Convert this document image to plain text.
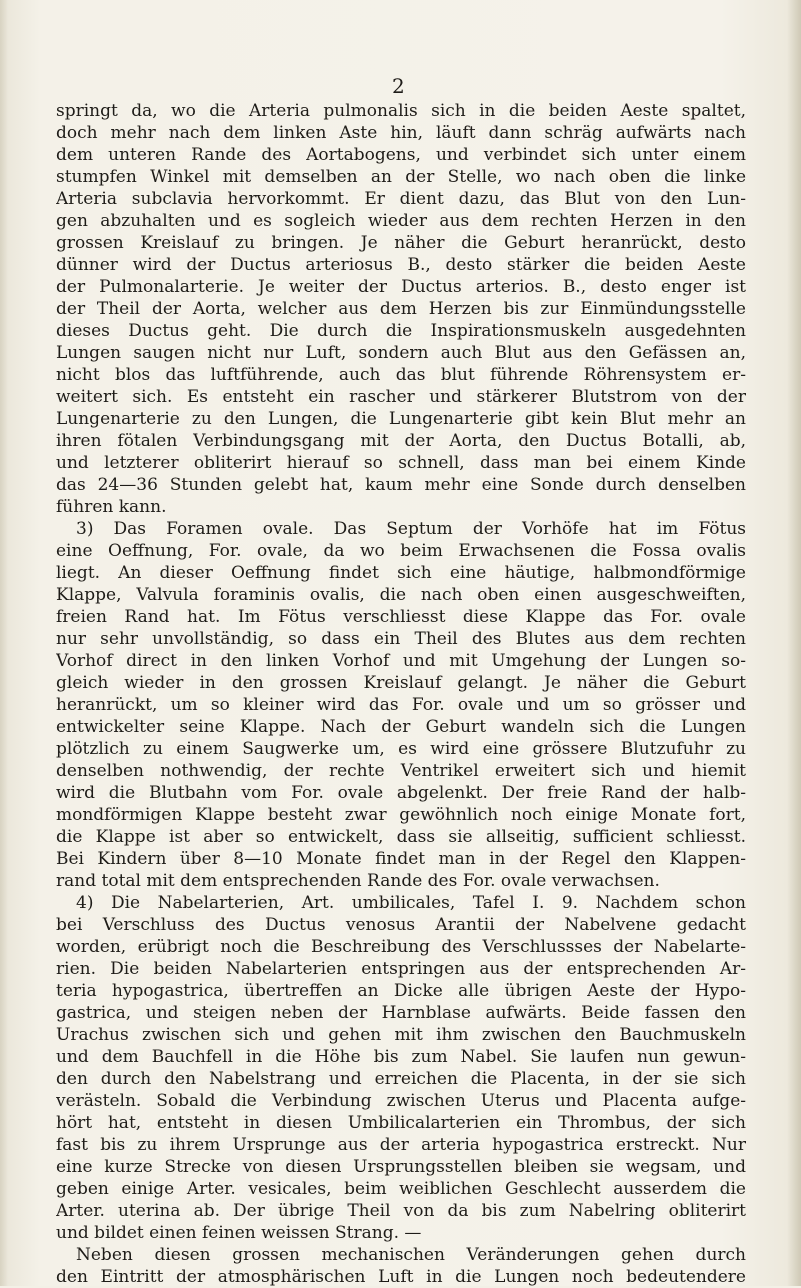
2
springt da, wo die Arteria pulmonalis sich in die beiden Aeste spaltet,
doch mehr nach dem linken Aste hin, läuft dann schräg aufwärts nach
dem unteren Rande des Aortabogens, und verbindet sich unter einem
stumpfen Winkel mit demselben an der Stelle, wo nach oben die linke
Arteria subclavia hervorkommt. Er dient dazu, das Blut von den Lun-
gen abzuhalten und es sogleich wieder aus dem rechten Herzen in den
grossen Kreislauf zu bringen. Je näher die Geburt heranrückt, desto
dünner wird der Ductus arteriosus B., desto stärker die beiden Aeste
der Pulmonalarterie. Je weiter der Ductus arterios. B., desto enger ist
der Theil der Aorta, welcher aus dem Herzen bis zur Einmündungsstelle
dieses Ductus geht. Die durch die Inspirationsmuskeln ausgedehnten
Lungen saugen nicht nur Luft, sondern auch Blut aus den Gefässen an,
nicht blos das luftführende, auch das blut führende Röhrensystem er-
weitert sich. Es entsteht ein rascher und stärkerer Blutstrom von der
Lungenarterie zu den Lungen, die Lungenarterie gibt kein Blut mehr an
ihren fötalen Verbindungsgang mit der Aorta, den Ductus Botalli, ab,
und letzterer obliterirt hierauf so schnell, dass man bei einem Kinde
das 24—36 Stunden gelebt hat, kaum mehr eine Sonde durch denselben
führen kann.
3) Das Foramen ovale. Das Septum der Vorhöfe hat im Fötus
eine Oeffnung, For. ovale, da wo beim Erwachsenen die Fossa ovalis
liegt. An dieser Oeffnung findet sich eine häutige, halbmondförmige
Klappe, Valvula foraminis ovalis, die nach oben einen ausgeschweiften,
freien Rand hat. Im Fötus verschliesst diese Klappe das For. ovale
nur sehr unvollständig, so dass ein Theil des Blutes aus dem rechten
Vorhof direct in den linken Vorhof und mit Umgehung der Lungen so-
gleich wieder in den grossen Kreislauf gelangt. Je näher die Geburt
heranrückt, um so kleiner wird das For. ovale und um so grösser und
entwickelter seine Klappe. Nach der Geburt wandeln sich die Lungen
plötzlich zu einem Saugwerke um, es wird eine grössere Blutzufuhr zu
denselben nothwendig, der rechte Ventrikel erweitert sich und hiemit
wird die Blutbahn vom For. ovale abgelenkt. Der freie Rand der halb-
mondförmigen Klappe besteht zwar gewöhnlich noch einige Monate fort,
die Klappe ist aber so entwickelt, dass sie allseitig, sufficient schliesst.
Bei Kindern über 8—10 Monate findet man in der Regel den Klappen-
rand total mit dem entsprechenden Rande des For. ovale verwachsen.
4) Die Nabelarterien, Art. umbilicales, Tafel I. 9. Nachdem schon
bei Verschluss des Ductus venosus Arantii der Nabelvene gedacht
worden, erübrigt noch die Beschreibung des Verschlussses der Nabelarte-
rien. Die beiden Nabelarterien entspringen aus der entsprechenden Ar-
teria hypogastrica, übertreffen an Dicke alle übrigen Aeste der Hypo-
gastrica, und steigen neben der Harnblase aufwärts. Beide fassen den
Urachus zwischen sich und gehen mit ihm zwischen den Bauchmuskeln
und dem Bauchfell in die Höhe bis zum Nabel. Sie laufen nun gewun-
den durch den Nabelstrang und erreichen die Placenta, in der sie sich
verästeln. Sobald die Verbindung zwischen Uterus und Placenta aufge-
hört hat, entsteht in diesen Umbilicalarterien ein Thrombus, der sich
fast bis zu ihrem Ursprunge aus der arteria hypogastrica erstreckt. Nur
eine kurze Strecke von diesen Ursprungsstellen bleiben sie wegsam, und
geben einige Arter. vesicales, beim weiblichen Geschlecht ausserdem die
Arter. uterina ab. Der übrige Theil von da bis zum Nabelring obliterirt
und bildet einen feinen weissen Strang. —
Neben diesen grossen mechanischen Veränderungen gehen durch
den Eintritt der atmosphärischen Luft in die Lungen noch bedeutendere
